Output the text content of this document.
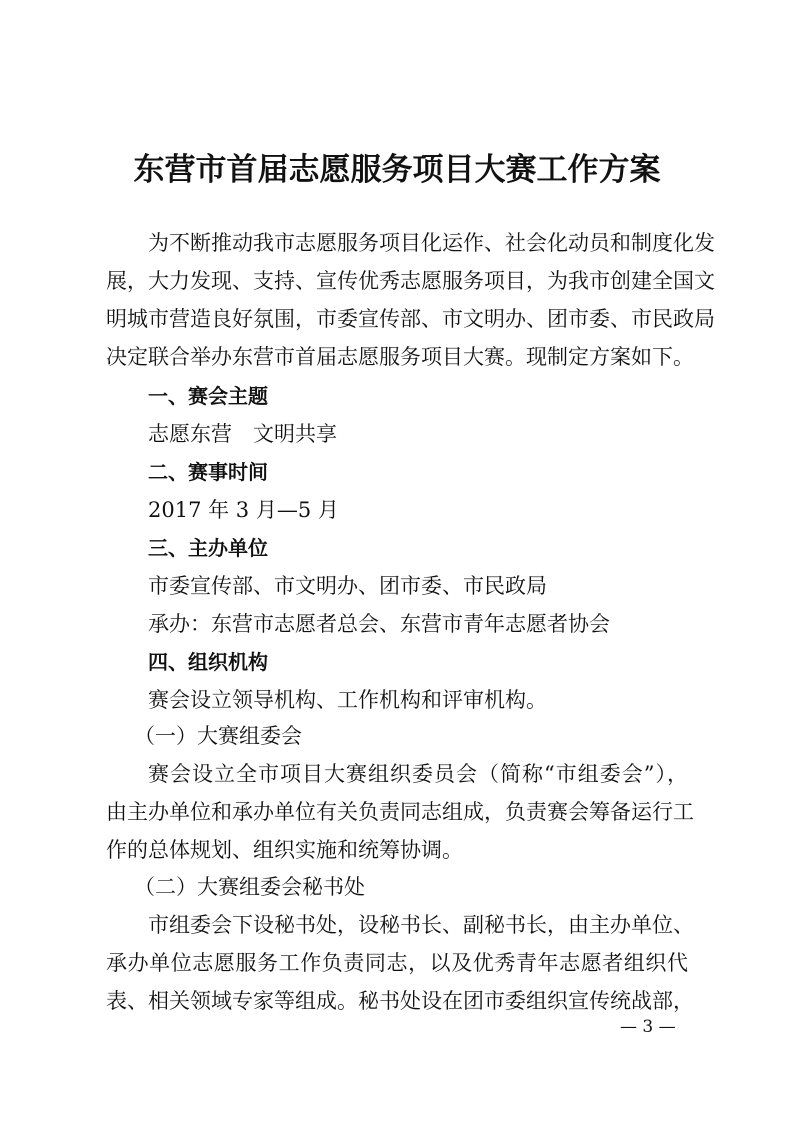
东营市首届志愿服务项目大赛工作方案
为不断推动我市志愿服务项目化运作、社会化动员和制度化发
展，大力发现、支持、宣传优秀志愿服务项目，为我市创建全国文
明城市营造良好氛围，市委宣传部、市文明办、团市委、市民政局
决定联合举办东营市首届志愿服务项目大赛。现制定方案如下。
一、赛会主题
志愿东营　文明共享
二、赛事时间
2017 年 3 月—5 月
三、主办单位
市委宣传部、市文明办、团市委、市民政局
承办：东营市志愿者总会、东营市青年志愿者协会
四、组织机构
赛会设立领导机构、工作机构和评审机构。
（一）大赛组委会
赛会设立全市项目大赛组织委员会（简称“市组委会”），
由主办单位和承办单位有关负责同志组成，负责赛会筹备运行工
作的总体规划、组织实施和统筹协调。
（二）大赛组委会秘书处
市组委会下设秘书处，设秘书长、副秘书长，由主办单位、
承办单位志愿服务工作负责同志，以及优秀青年志愿者组织代
表、相关领域专家等组成。秘书处设在团市委组织宣传统战部，
— 3 —
